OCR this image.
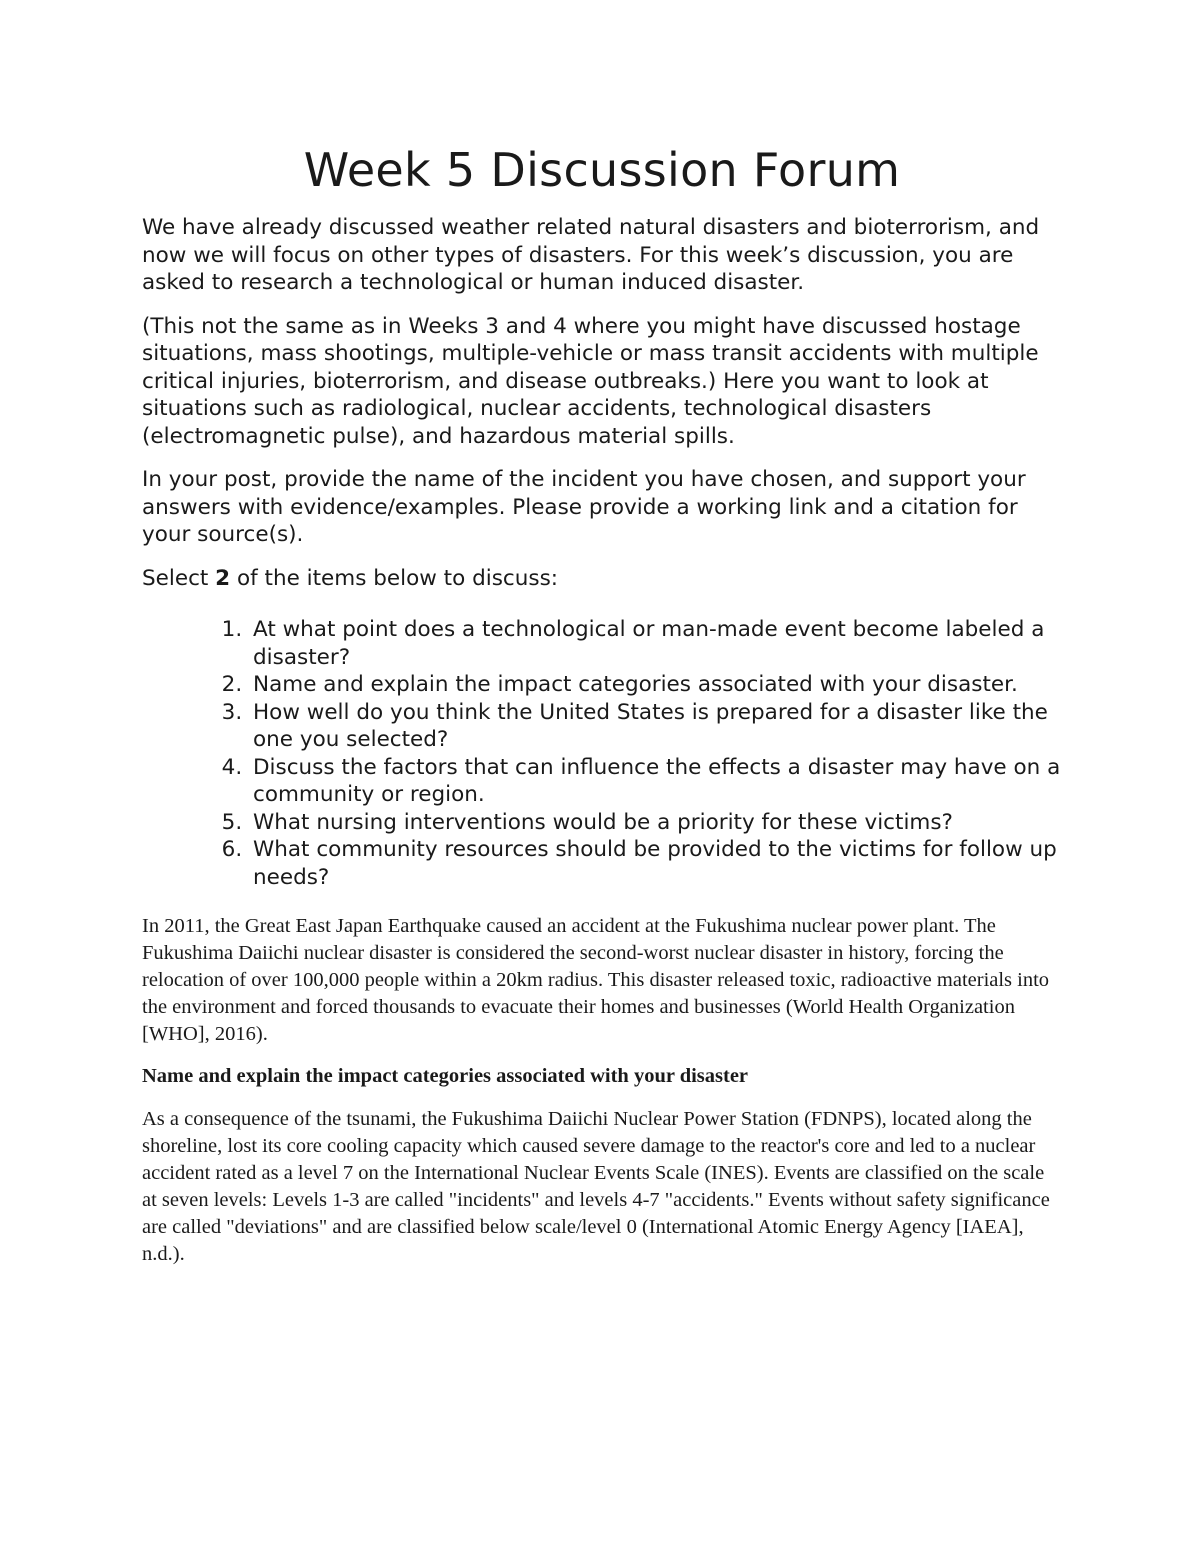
Week 5 Discussion Forum

We have already discussed weather related natural disasters and bioterrorism, and now we will focus on other types of disasters. For this week’s discussion, you are asked to research a technological or human induced disaster.

(This not the same as in Weeks 3 and 4 where you might have discussed hostage situations, mass shootings, multiple-vehicle or mass transit accidents with multiple critical injuries, bioterrorism, and disease outbreaks.) Here you want to look at situations such as radiological, nuclear accidents, technological disasters (electromagnetic pulse), and hazardous material spills.

In your post, provide the name of the incident you have chosen, and support your answers with evidence/examples. Please provide a working link and a citation for your source(s).

Select 2 of the items below to discuss:

1. At what point does a technological or man-made event become labeled a disaster?
2. Name and explain the impact categories associated with your disaster.
3. How well do you think the United States is prepared for a disaster like the one you selected?
4. Discuss the factors that can influence the effects a disaster may have on a community or region.
5. What nursing interventions would be a priority for these victims?
6. What community resources should be provided to the victims for follow up needs?

In 2011, the Great East Japan Earthquake caused an accident at the Fukushima nuclear power plant. The Fukushima Daiichi nuclear disaster is considered the second-worst nuclear disaster in history, forcing the relocation of over 100,000 people within a 20km radius. This disaster released toxic, radioactive materials into the environment and forced thousands to evacuate their homes and businesses (World Health Organization [WHO], 2016).

Name and explain the impact categories associated with your disaster

As a consequence of the tsunami, the Fukushima Daiichi Nuclear Power Station (FDNPS), located along the shoreline, lost its core cooling capacity which caused severe damage to the reactor's core and led to a nuclear accident rated as a level 7 on the International Nuclear Events Scale (INES). Events are classified on the scale at seven levels: Levels 1-3 are called "incidents" and levels 4-7 "accidents." Events without safety significance are called "deviations" and are classified below scale/level 0 (International Atomic Energy Agency [IAEA], n.d.).
